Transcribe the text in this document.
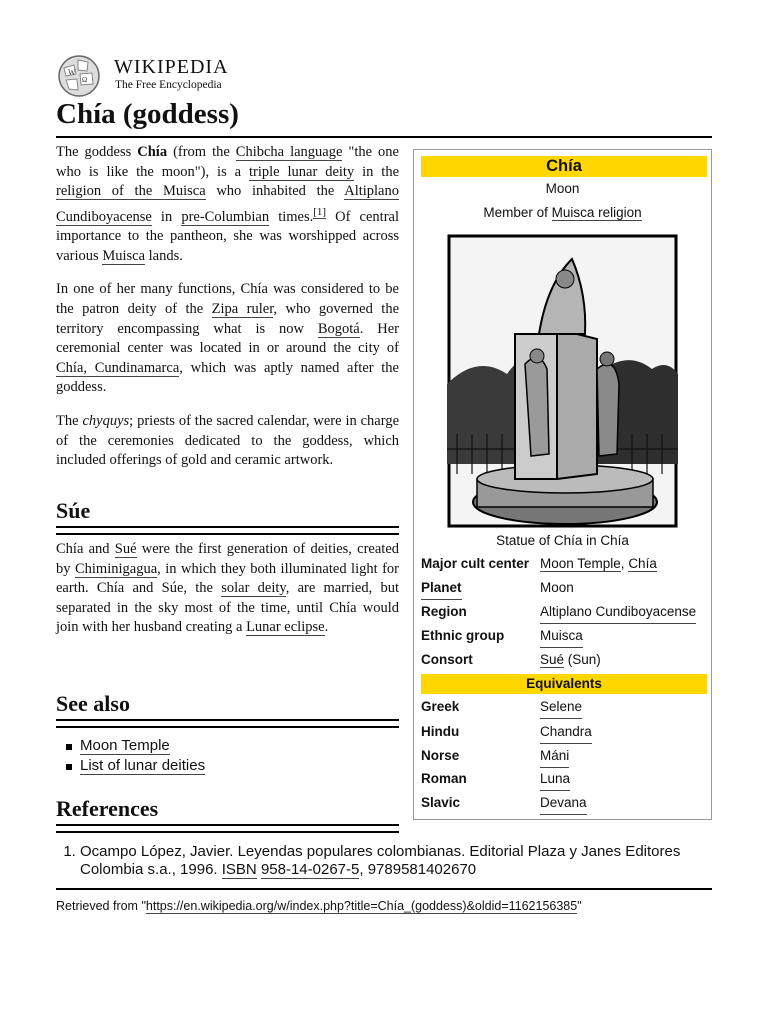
W
Ω
WIKIPEDIA
The Free Encyclopedia
Chía (goddess)

The goddess Chía (from the Chibcha language "the one who is like the moon"), is a triple lunar deity in the religion of the Muisca who inhabited the Altiplano Cundiboyacense in pre-Columbian times.[1] Of central importance to the pantheon, she was worshipped across various Muisca lands.

In one of her many functions, Chía was considered to be the patron deity of the Zipa ruler, who governed the territory encompassing what is now Bogotá. Her ceremonial center was located in or around the city of Chía, Cundinamarca, which was aptly named after the goddess.

The chyquys; priests of the sacred calendar, were in charge of the ceremonies dedicated to the goddess, which included offerings of gold and ceramic artwork.

Súe

Chía and Sué were the first generation of deities, created by Chiminigagua, in which they both illuminated light for earth. Chía and Súe, the solar deity, are married, but separated in the sky most of the time, until Chía would join with her husband creating a Lunar eclipse.

See also
Moon Temple
List of lunar deities
References
1. Ocampo López, Javier. Leyendas populares colombianas. Editorial Plaza y Janes Editores Colombia s.a., 1996. ISBN 958-14-0267-5, 9789581402670
Retrieved from "https://en.wikipedia.org/w/index.php?title=Chía_(goddess)&oldid=1162156385"
Chía
Moon
Member of Muisca religion
Statue of Chía in Chía
Major cult center Moon Temple, Chía
Planet	Moon
Region	Altiplano Cundiboyacense
Ethnic group	Muisca
Consort	Sué (Sun)
Equivalents
Greek	Selene
Hindu	Chandra
Norse	Máni
Roman	Luna
Slavic	Devana
